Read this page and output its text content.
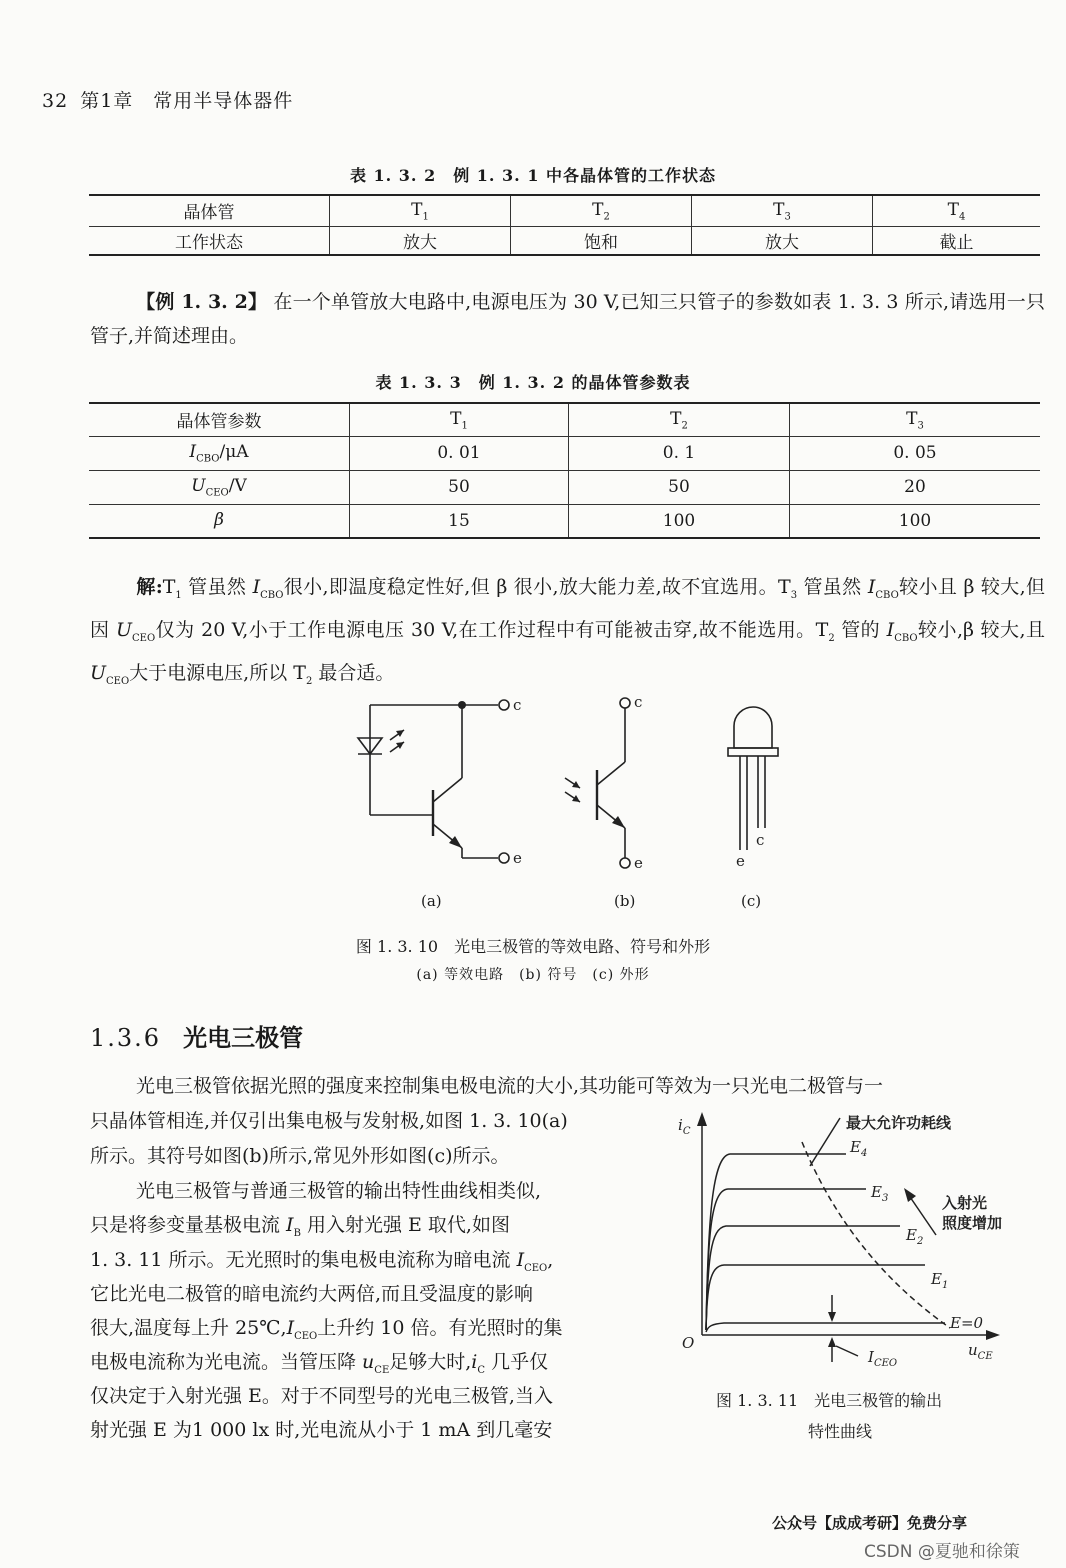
32 第1章　常用半导体器件
表 1. 3. 2　例 1. 3. 1 中各晶体管的工作状态
晶体管	$T_1$	$T_2$	$T_3$	$T_4$
工作状态	放大	饱和	放大	截止
【例 1. 3. 2】 在一个单管放大电路中,电源电压为 30 V,已知三只管子的参数如表 1. 3. 3 所示,请选用一只管子,并简述理由。
表 1. 3. 3　例 1. 3. 2 的晶体管参数表
晶体管参数	$T_1$	$T_2$	$T_3$
$I_{CBO}/\mu A$	0. 01	0. 1	0. 05
$U_{CEO}/V$	50	50	20
β	15	100	100
解$:T_1$ 管虽然 $I_{CBO}$很小,即温度稳定性好,但 β 很小,放大能力差,故不宜选用。$T_3$ 管虽然 $I_{CBO}$较小且 β 较大,但因 $U_{CEO}$仅为 20 V,小于工作电源电压 30 V,在工作过程中有可能被击穿,故不能选用。$T_2$ 管的 $I_{CBO}$较小,β 较大,且 $U_{CEO}$大于电源电压,所以 $T_2$ 最合适。
c
e
c
e
c
e
(a)	(b)	(c)
图 1. 3. 10　光电三极管的等效电路、符号和外形
(a) 等效电路　(b) 符号　(c) 外形
1.3.6 光电三极管
光电三极管依据光照的强度来控制集电极电流的大小,其功能可等效为一只光电二极管与一
只晶体管相连,并仅引出集电极与发射极,如图 1. 3. 10(a)
所示。其符号如图(b)所示,常见外形如图(c)所示。
光电三极管与普通三极管的输出特性曲线相类似,
只是将参变量基极电流 $I_B$ 用入射光强 E 取代,如图
1. 3. 11 所示。无光照时的集电极电流称为暗电流 $I_{CEO}$,
它比光电二极管的暗电流约大两倍,而且受温度的影响
很大,温度每上升 $25℃,I_{CEO}$上升约 10 倍。有光照时的集
电极电流称为光电流。当管压降 $u_{CE}$足够大时$,i_C$ 几乎仅
仅决定于入射光强 E。对于不同型号的光电三极管,当入
射光强 E 为1 000 lx 时,光电流从小于 1 mA 到几毫安
$i_C$
$u_{CE}$
O
最大允许功耗线
入射光
照度增加
$E_4$
$E_3$
$E_2$
$E_1$
E=0
$I_{CEO}$
图 1. 3. 11　光电三极管的输出
特性曲线
公众号【成成考研】免费分享
CSDN @夏驰和徐策
